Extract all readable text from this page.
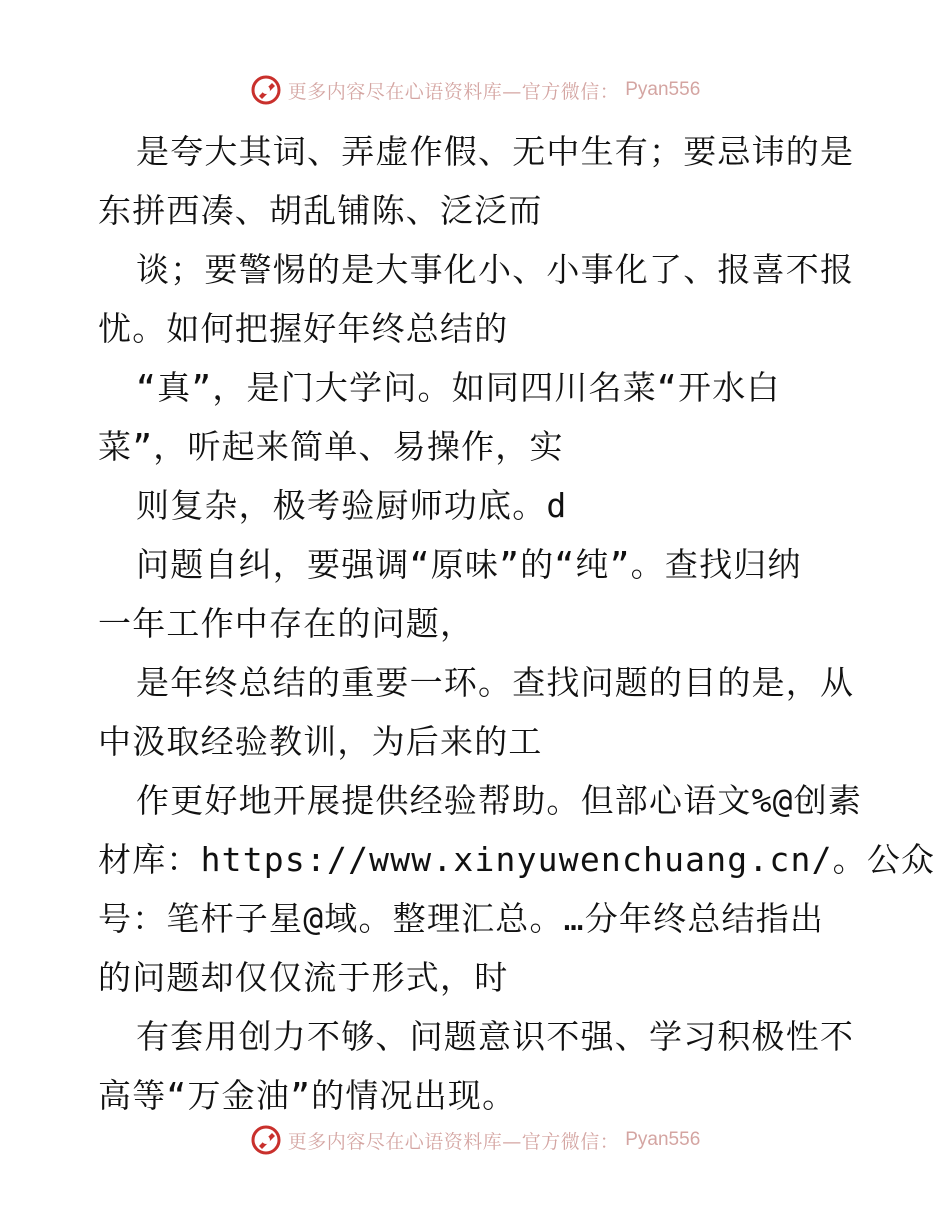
更多内容尽在心语资料库—官方微信： Pyan556
是夸大其词、弄虚作假、无中生有；要忌讳的是
东拼西凑、胡乱铺陈、泛泛而
谈；要警惕的是大事化小、小事化了、报喜不报
忧。如何把握好年终总结的
“真”，是门大学问。如同四川名菜“开水白
菜”，听起来简单、易操作，实
则复杂，极考验厨师功底。d
问题自纠，要强调“原味”的“纯”。查找归纳
一年工作中存在的问题，
是年终总结的重要一环。查找问题的目的是，从
中汲取经验教训，为后来的工
作更好地开展提供经验帮助。但部心语文%@创素
材库：https://www.xinyuwenchuang.cn/。公众
号：笔杆子星@域。整理汇总。…分年终总结指出
的问题却仅仅流于形式，时
有套用创力不够、问题意识不强、学习积极性不
高等“万金油”的情况出现。
更多内容尽在心语资料库—官方微信： Pyan556
